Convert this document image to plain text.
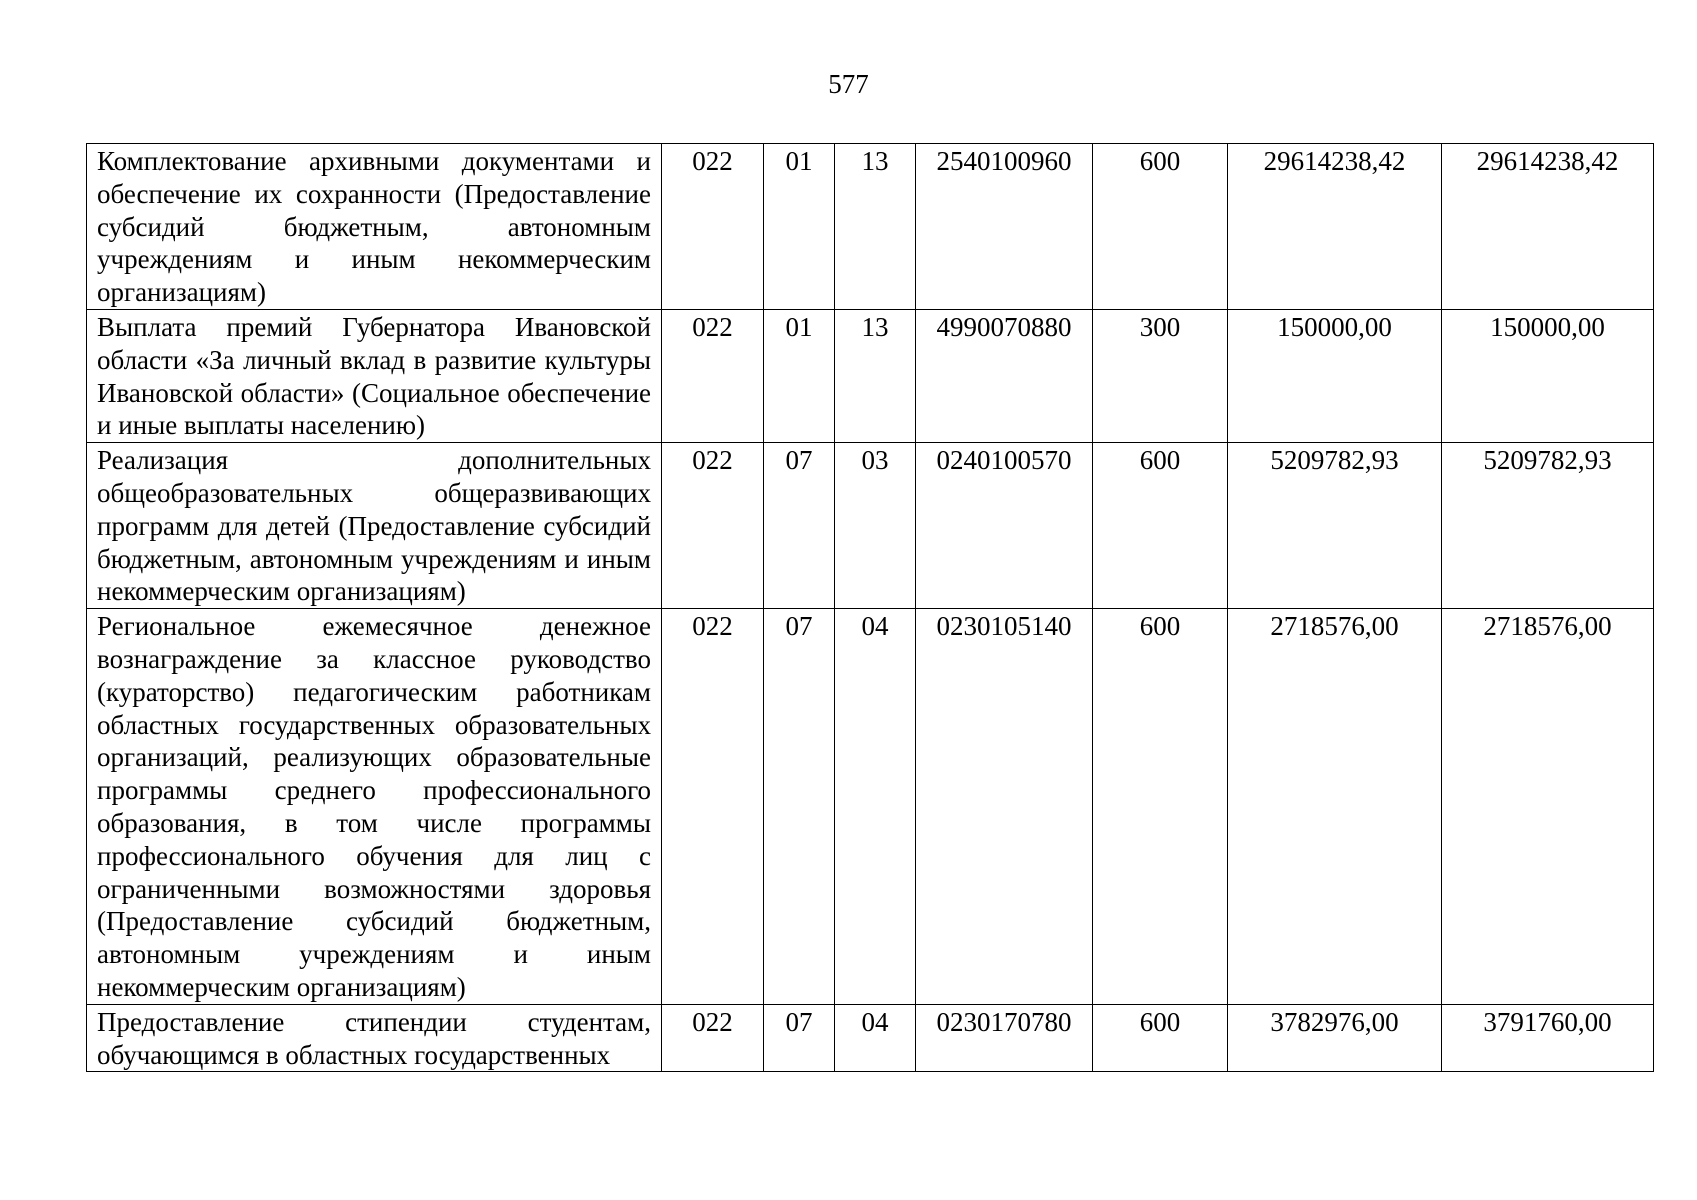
577
Комплектование архивными документами и обеспечение их сохранности (Предоставление субсидий бюджетным, автономным учреждениям и иным некоммерческим организациям)	022	01	13	2540100960	600	29614238,42	29614238,42
Выплата премий Губернатора Ивановской области «За личный вклад в развитие культуры Ивановской области» (Социальное обеспечение и иные выплаты населению)	022	01	13	4990070880	300	150000,00	150000,00
Реализация дополнительных общеобразовательных общеразвивающих программ для детей (Предоставление субсидий бюджетным, автономным учреждениям и иным некоммерческим организациям)	022	07	03	0240100570	600	5209782,93	5209782,93
Региональное ежемесячное денежное вознаграждение за классное руководство (кураторство) педагогическим работникам областных государственных образовательных организаций, реализующих образовательные программы среднего профессионального образования, в том числе программы профессионального обучения для лиц с ограниченными возможностями здоровья (Предоставление субсидий бюджетным, автономным учреждениям и иным некоммерческим организациям)	022	07	04	0230105140	600	2718576,00	2718576,00
Предоставление стипендии студентам, обучающимся в областных государственных	022	07	04	0230170780	600	3782976,00	3791760,00
